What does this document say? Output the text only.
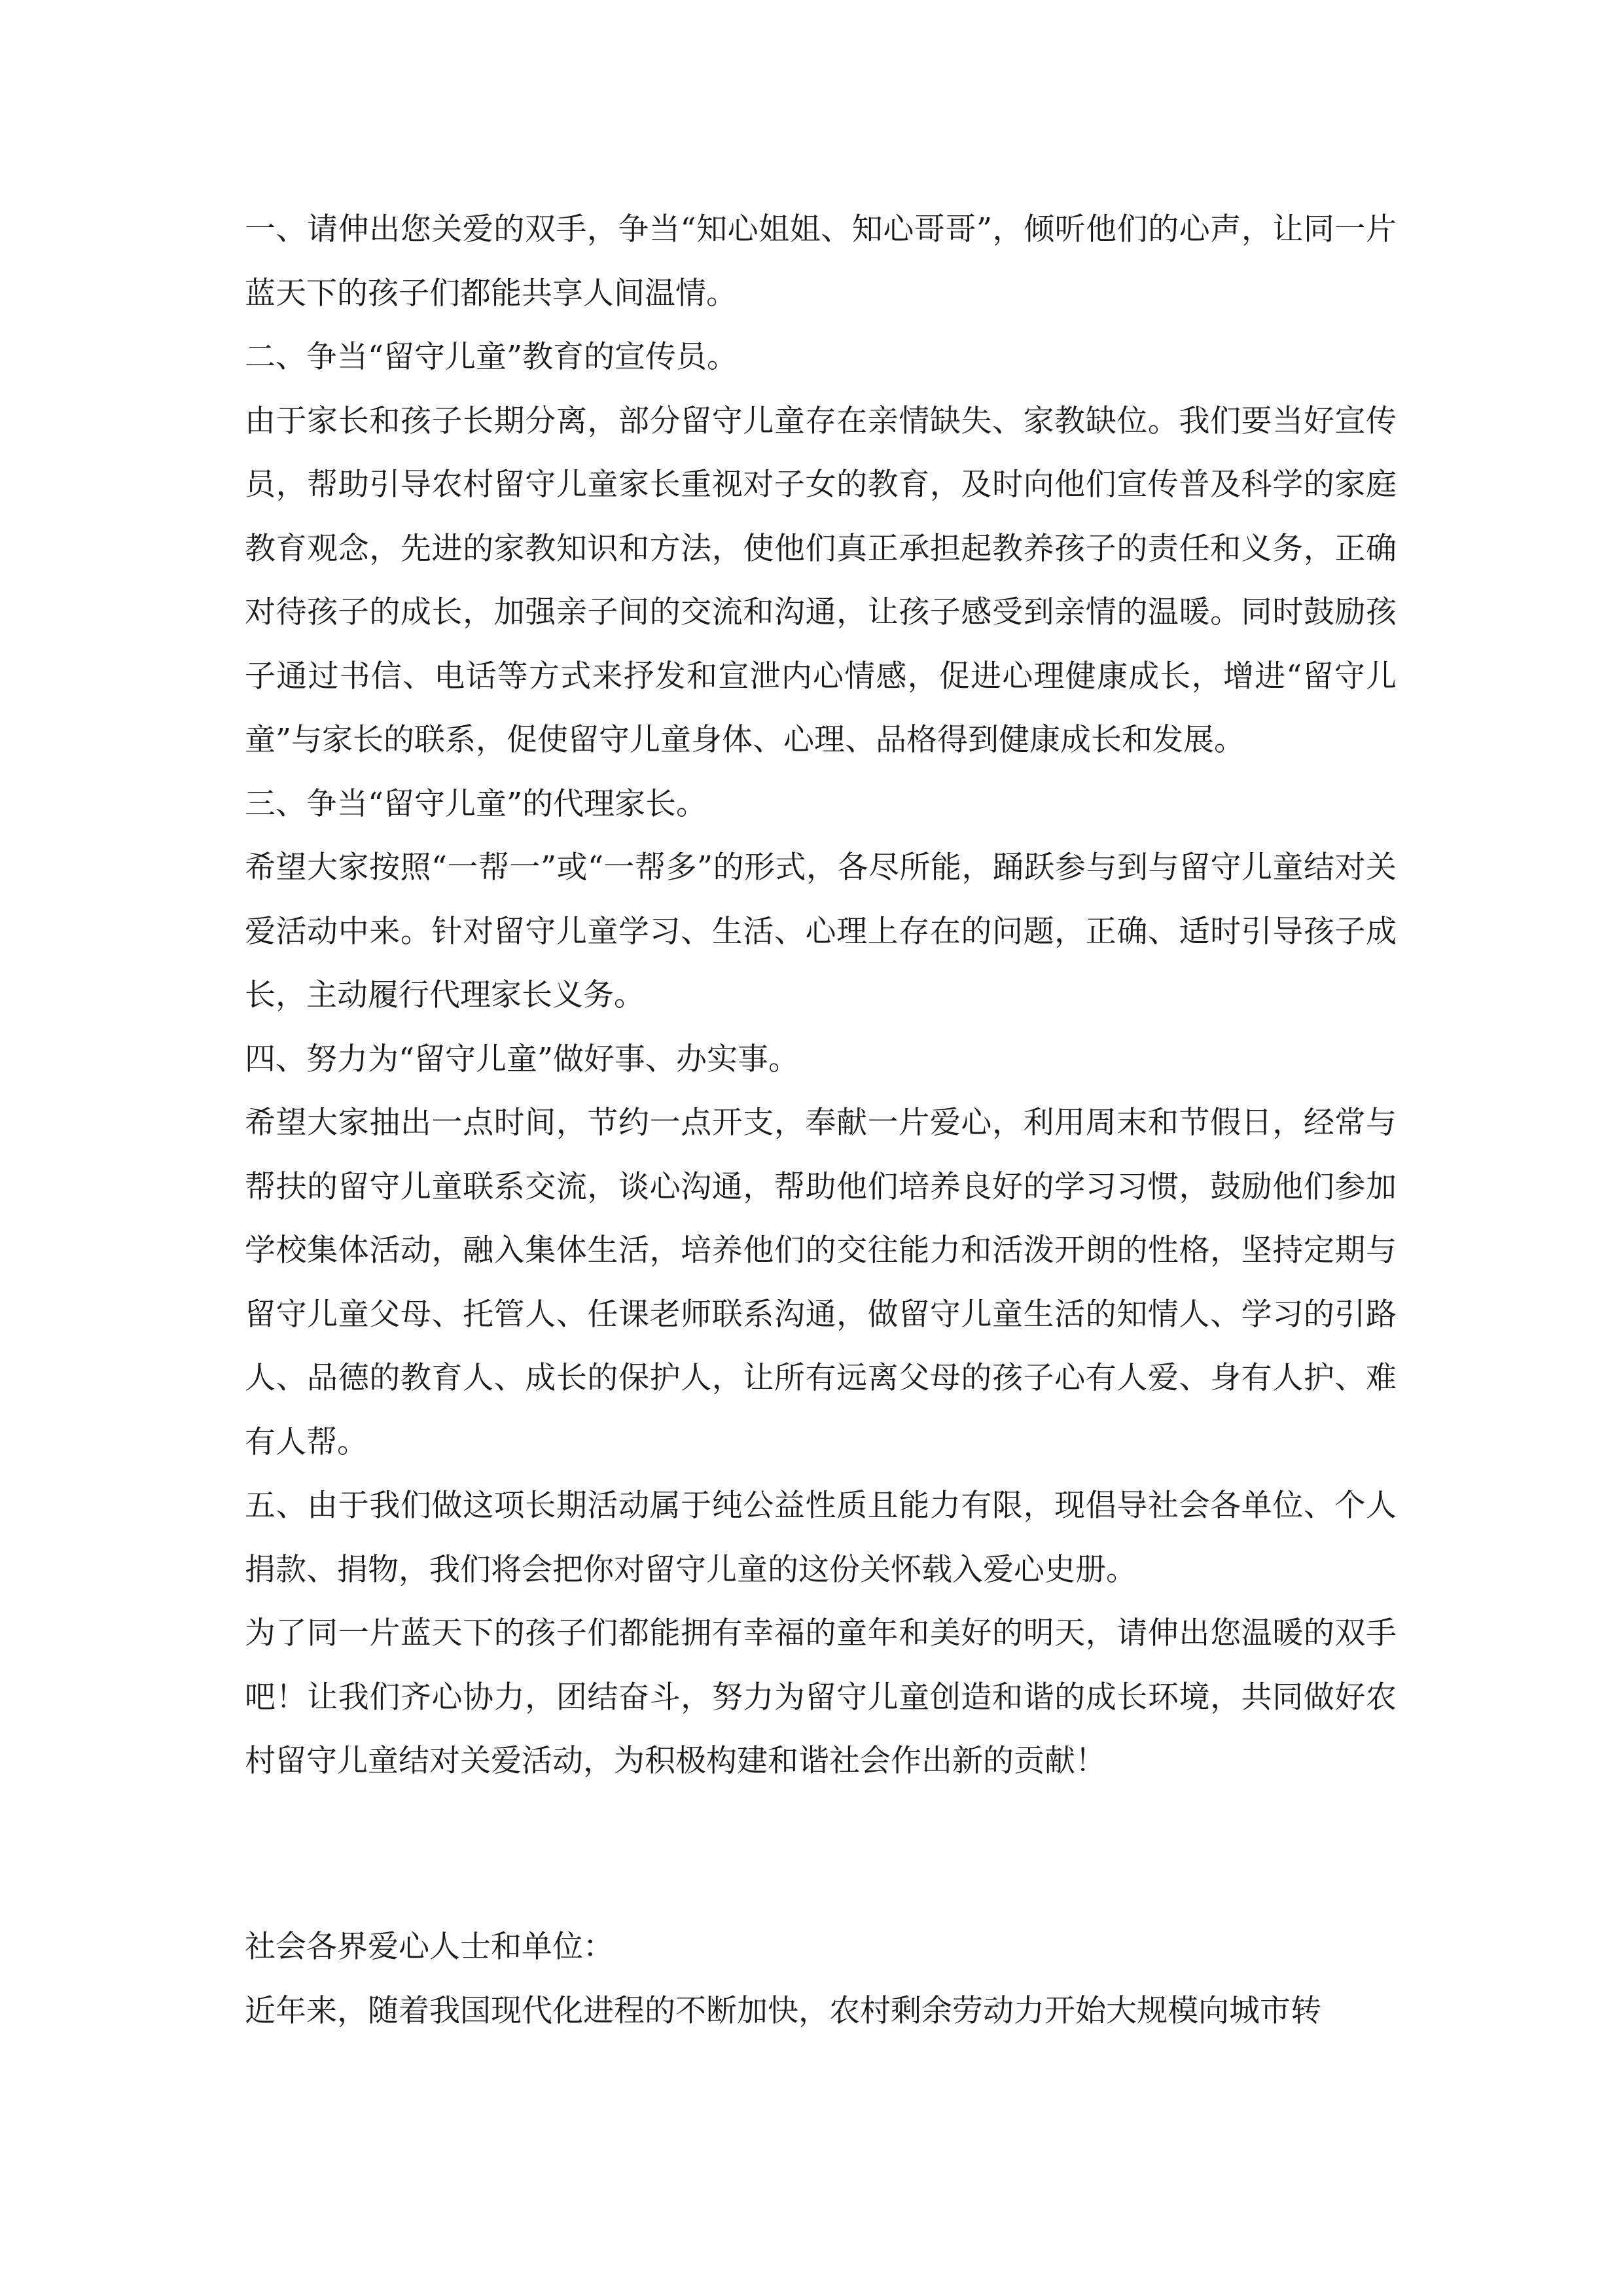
一、请伸出您关爱的双手，争当“知心姐姐、知心哥哥”，倾听他们的心声，让同一片蓝天下的孩子们都能共享人间温情。

二、争当“留守儿童”教育的宣传员。

由于家长和孩子长期分离，部分留守儿童存在亲情缺失、家教缺位。我们要当好宣传员，帮助引导农村留守儿童家长重视对子女的教育，及时向他们宣传普及科学的家庭教育观念，先进的家教知识和方法，使他们真正承担起教养孩子的责任和义务，正确对待孩子的成长，加强亲子间的交流和沟通，让孩子感受到亲情的温暖。同时鼓励孩子通过书信、电话等方式来抒发和宣泄内心情感，促进心理健康成长，增进“留守儿童”与家长的联系，促使留守儿童身体、心理、品格得到健康成长和发展。

三、争当“留守儿童”的代理家长。

希望大家按照“一帮一”或“一帮多”的形式，各尽所能，踊跃参与到与留守儿童结对关爱活动中来。针对留守儿童学习、生活、心理上存在的问题，正确、适时引导孩子成长，主动履行代理家长义务。

四、努力为“留守儿童”做好事、办实事。

希望大家抽出一点时间，节约一点开支，奉献一片爱心，利用周末和节假日，经常与帮扶的留守儿童联系交流，谈心沟通，帮助他们培养良好的学习习惯，鼓励他们参加学校集体活动，融入集体生活，培养他们的交往能力和活泼开朗的性格，坚持定期与留守儿童父母、托管人、任课老师联系沟通，做留守儿童生活的知情人、学习的引路人、品德的教育人、成长的保护人，让所有远离父母的孩子心有人爱、身有人护、难有人帮。

五、由于我们做这项长期活动属于纯公益性质且能力有限，现倡导社会各单位、个人捐款、捐物，我们将会把你对留守儿童的这份关怀载入爱心史册。

为了同一片蓝天下的孩子们都能拥有幸福的童年和美好的明天，请伸出您温暖的双手吧！让我们齐心协力，团结奋斗，努力为留守儿童创造和谐的成长环境，共同做好农村留守儿童结对关爱活动，为积极构建和谐社会作出新的贡献！

社会各界爱心人士和单位：

近年来，随着我国现代化进程的不断加快，农村剩余劳动力开始大规模向城市转
